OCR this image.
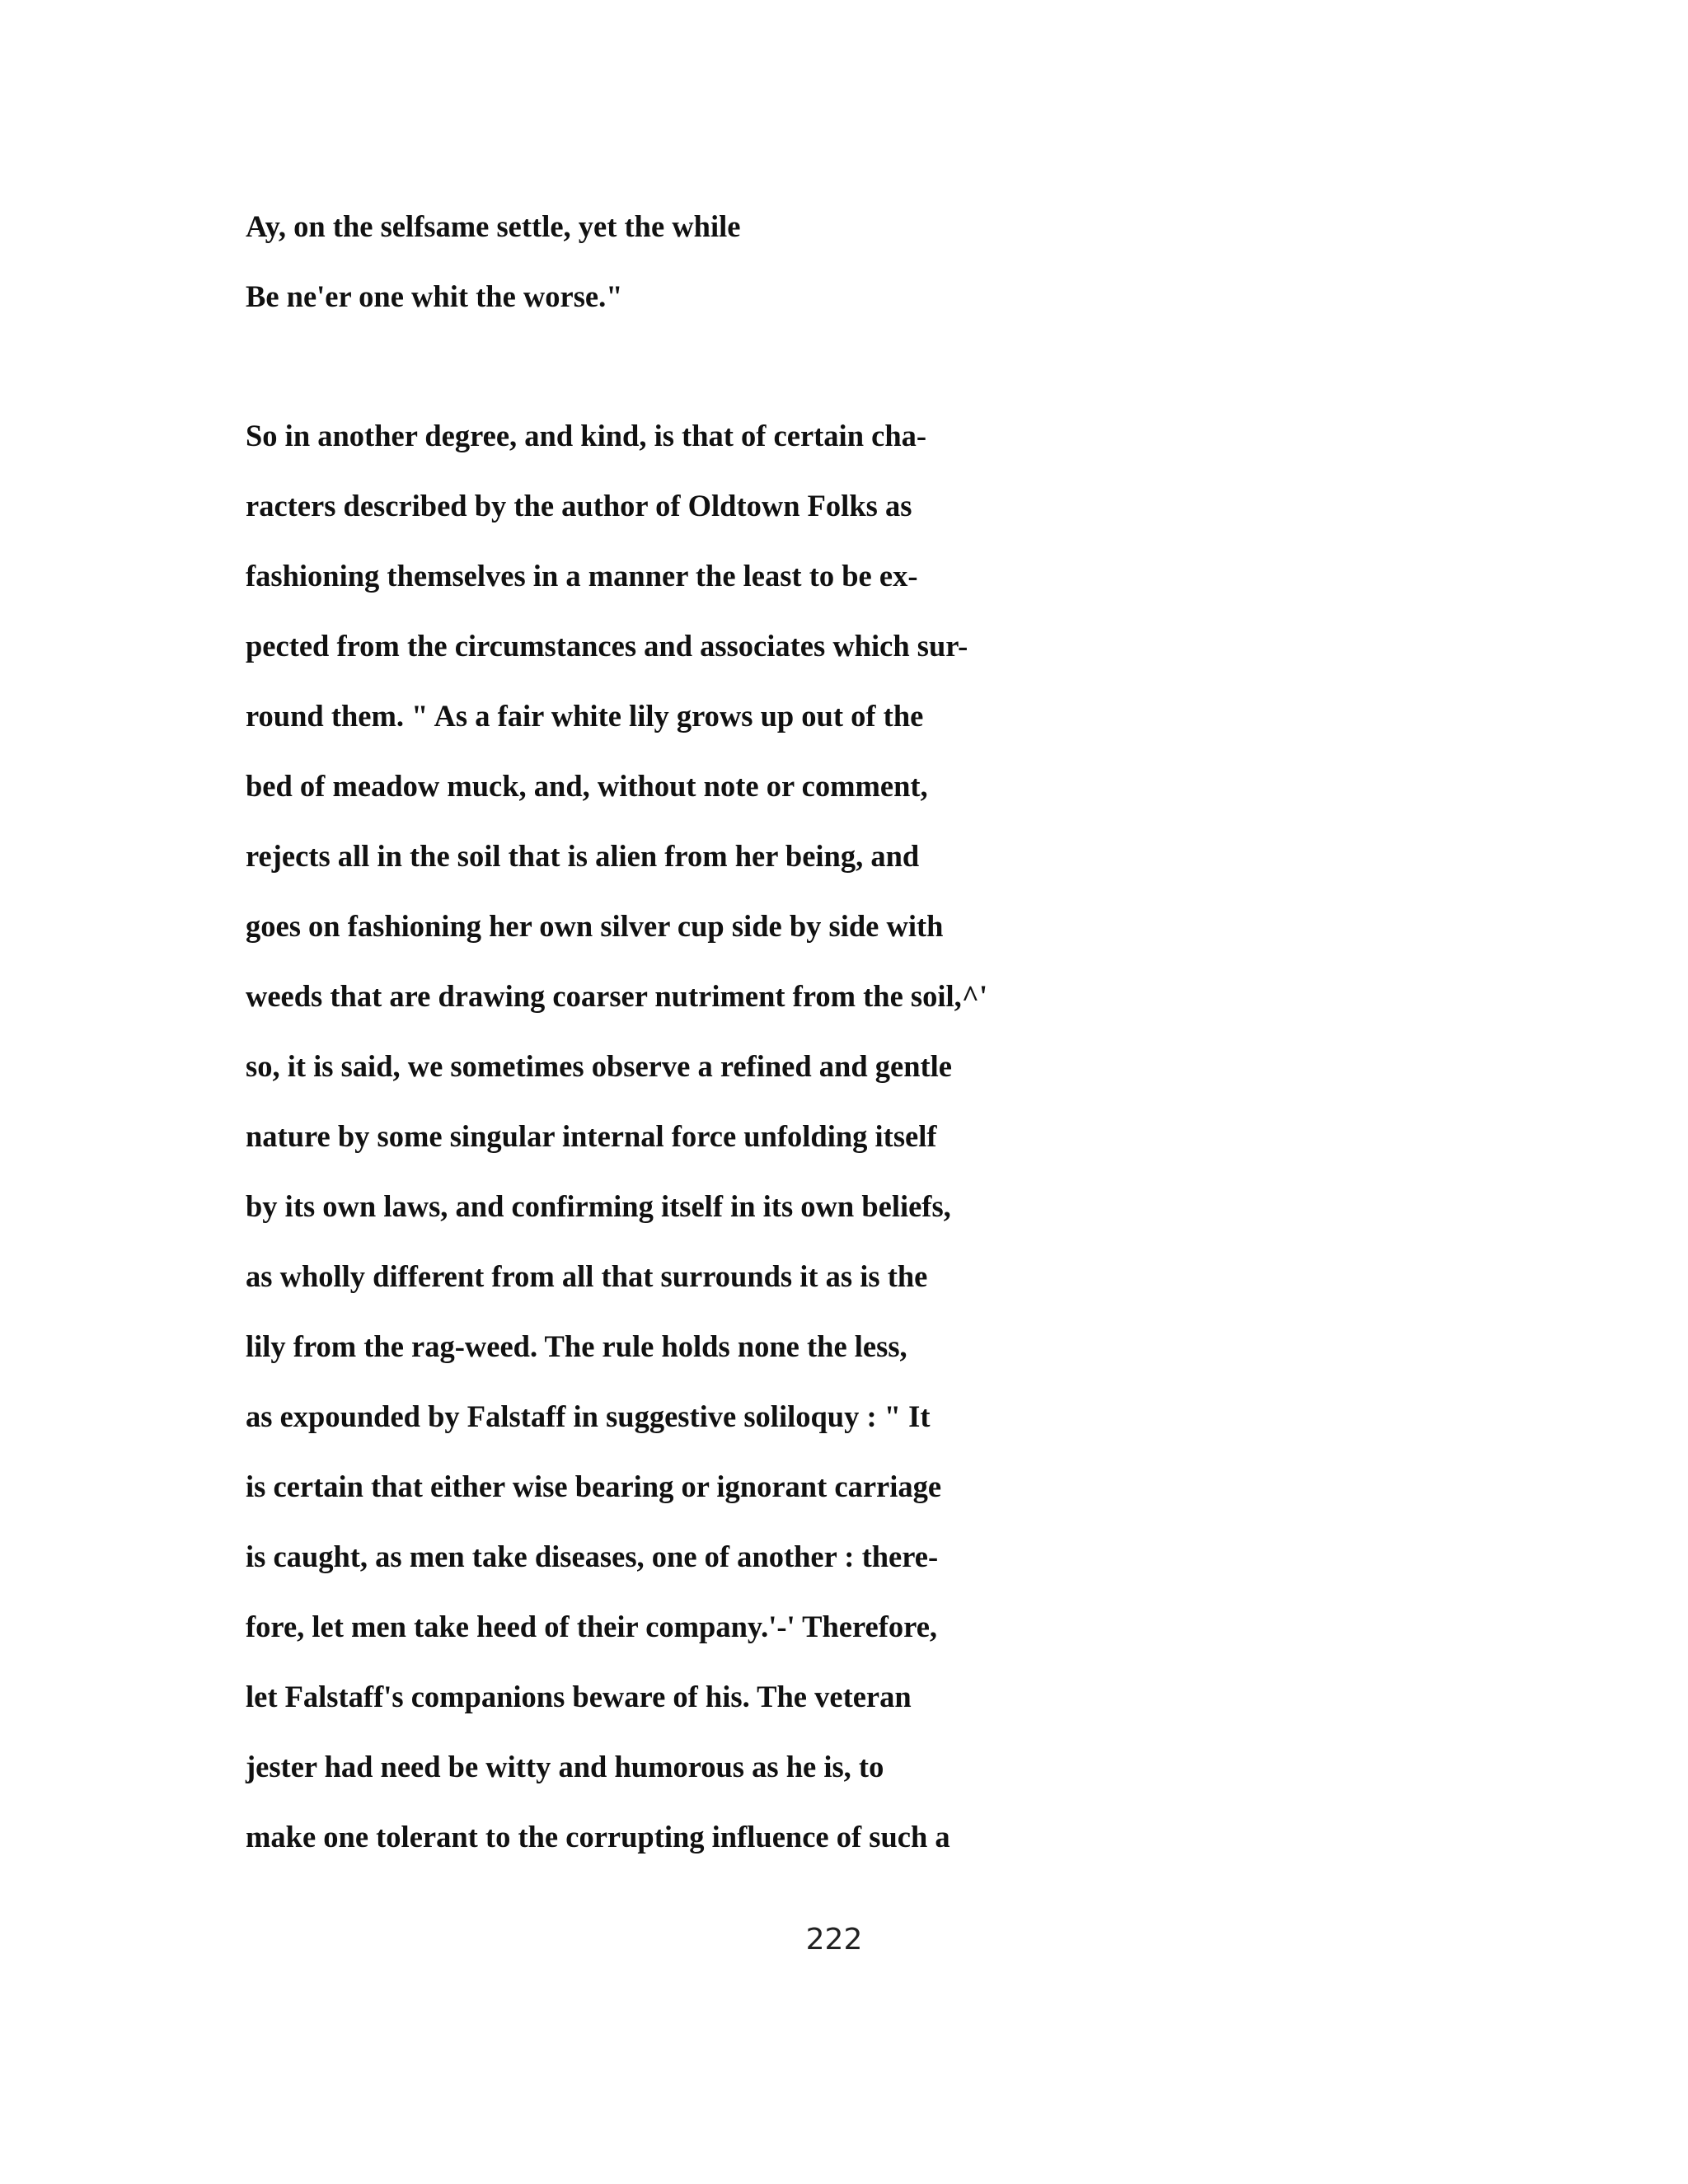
Ay, on the selfsame settle, yet the while
Be ne'er one whit the worse."
So in another degree, and kind, is that of certain cha-
racters described by the author of Oldtown Folks as
fashioning themselves in a manner the least to be ex-
pected from the circumstances and associates which sur-
round them. " As a fair white lily grows up out of the
bed of meadow muck, and, without note or comment,
rejects all in the soil that is alien from her being, and
goes on fashioning her own silver cup side by side with
weeds that are drawing coarser nutriment from the soil,^'
so, it is said, we sometimes observe a refined and gentle
nature by some singular internal force unfolding itself
by its own laws, and confirming itself in its own beliefs,
as wholly different from all that surrounds it as is the
lily from the rag-weed. The rule holds none the less,
as expounded by Falstaff in suggestive soliloquy : " It
is certain that either wise bearing or ignorant carriage
is caught, as men take diseases, one of another : there-
fore, let men take heed of their company.'-' Therefore,
let Falstaff's companions beware of his. The veteran
jester had need be witty and humorous as he is, to
make one tolerant to the corrupting influence of such a
222
